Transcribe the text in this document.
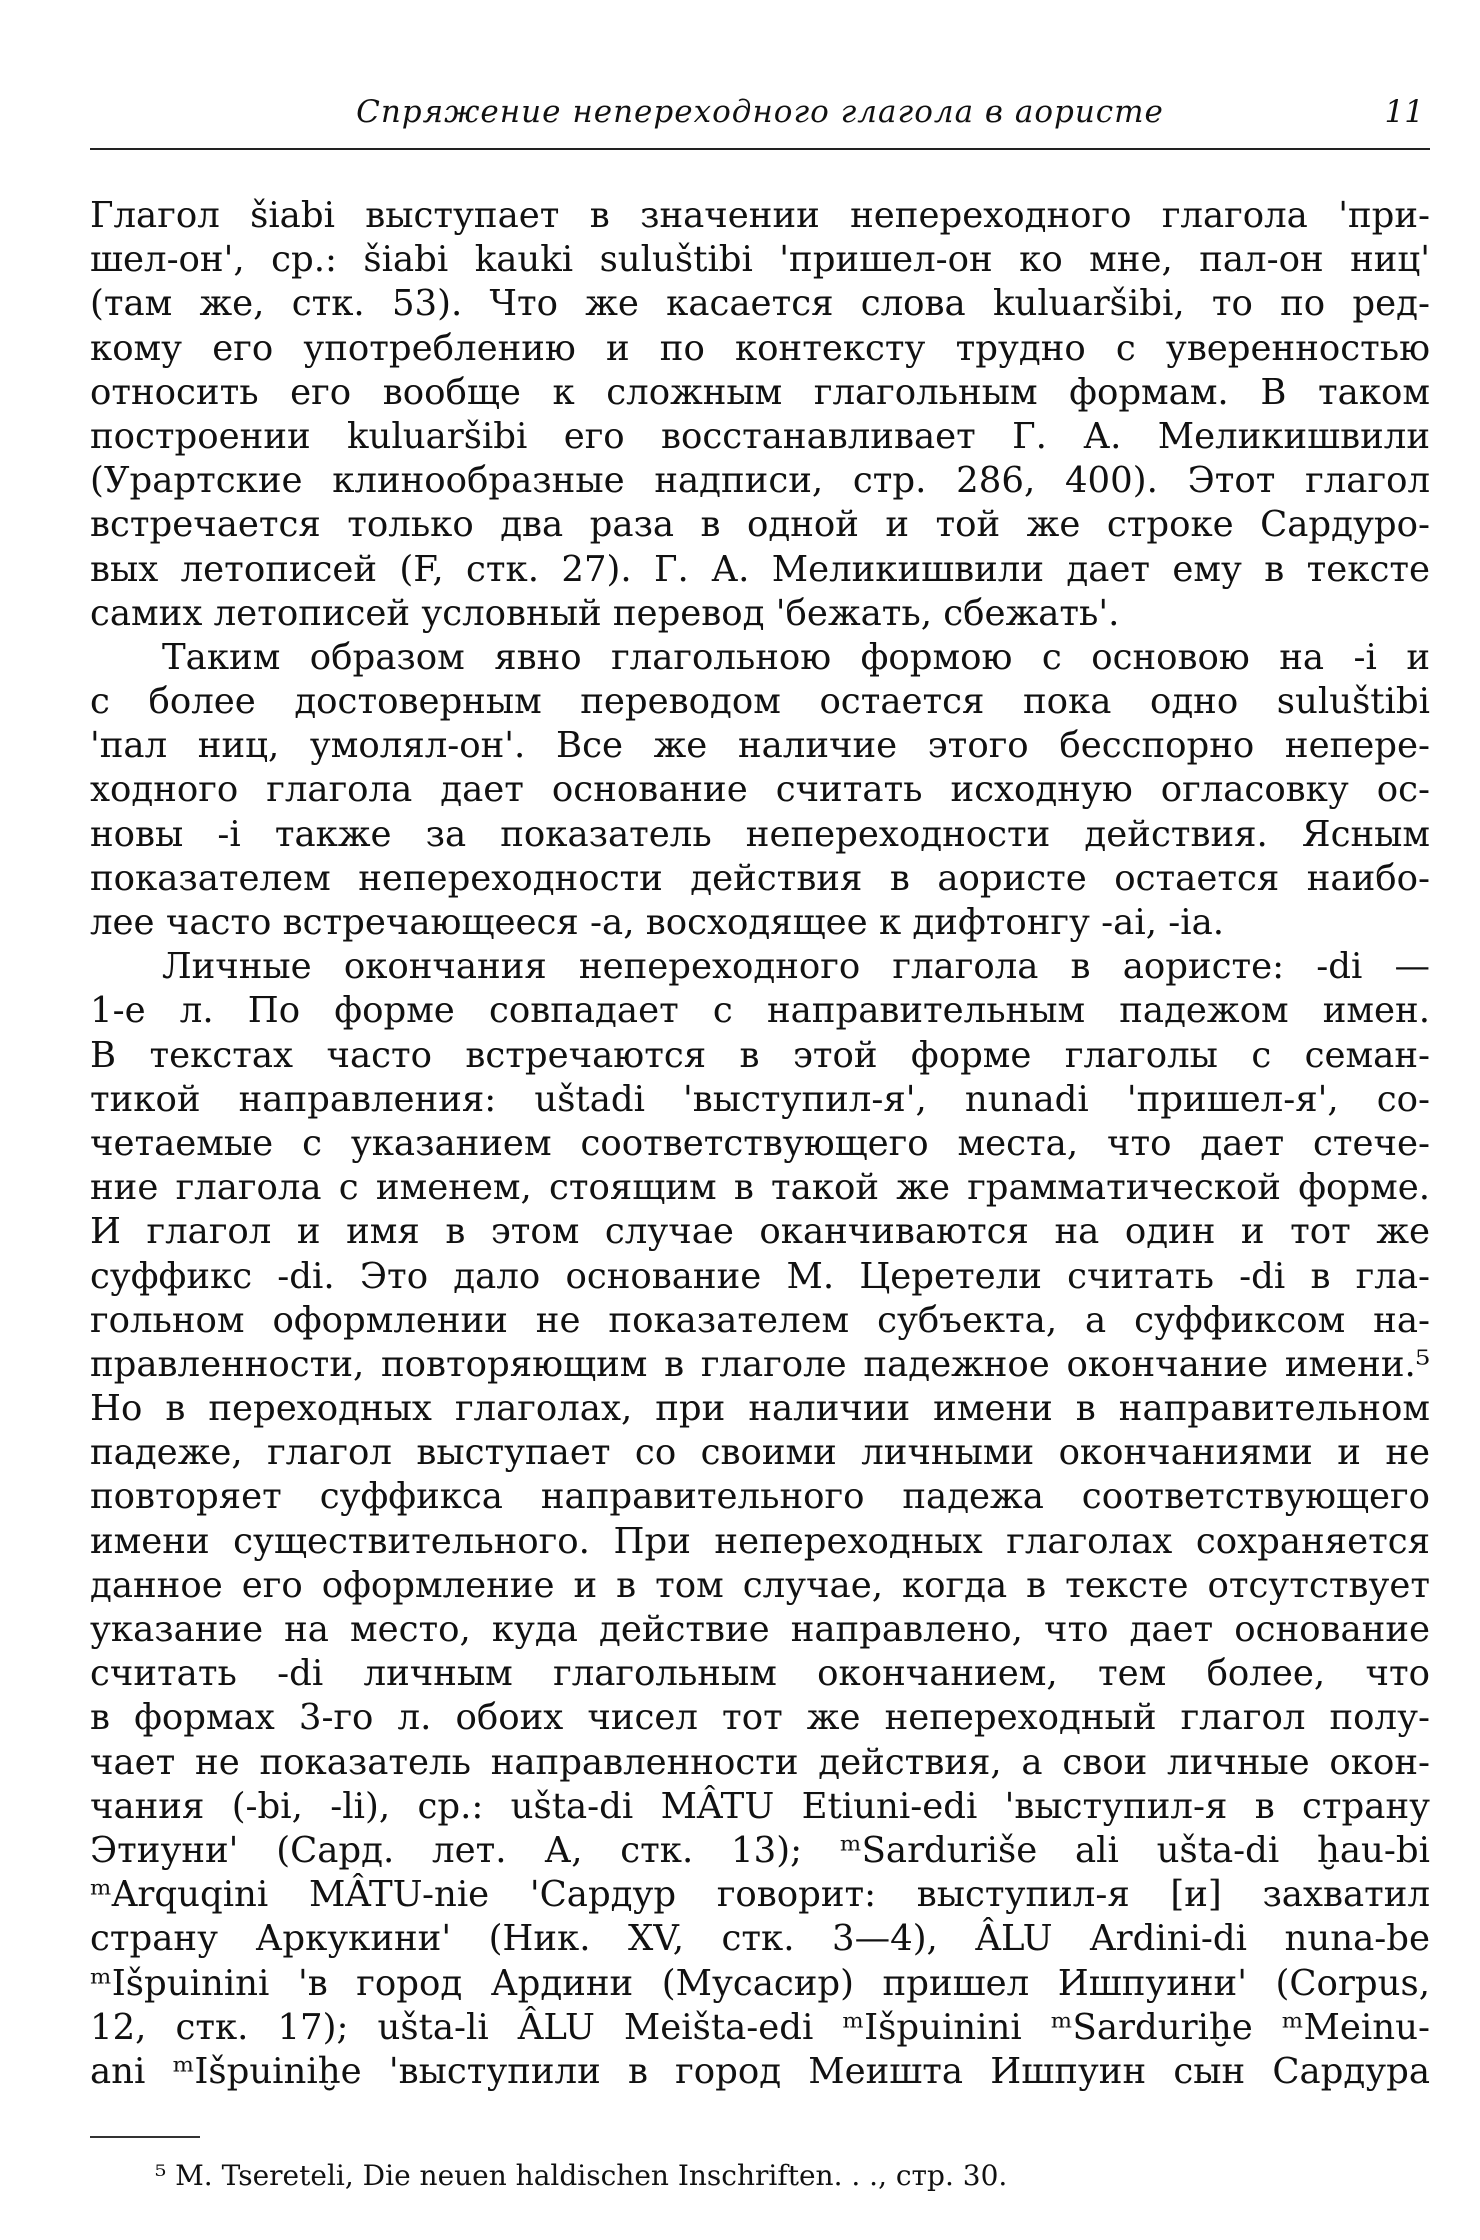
Спряжение непереходного глагола в аористе	11
Глагол šiabi выступает в значении непереходного глагола 'при-
шел-он', ср.: šiabi kauki suluštibi 'пришел-он ко мне, пал-он ниц'
(там же, стк. 53). Что же касается слова kuluaršibi, то по ред-
кому его употреблению и по контексту трудно с уверенностью
относить его вообще к сложным глагольным формам. В таком
построении kuluaršibi его восстанавливает Г. А. Меликишвили
(Урартские клинообразные надписи, стр. 286, 400). Этот глагол
встречается только два раза в одной и той же строке Сардуро-
вых летописей (F, стк. 27). Г. А. Меликишвили дает ему в тексте
самих летописей условный перевод 'бежать, сбежать'.
Таким образом явно глагольною формою с основою на -i и
с более достоверным переводом остается пока одно suluštibi
'пал ниц, умолял-он'. Все же наличие этого бесспорно непере-
ходного глагола дает основание считать исходную огласовку ос-
новы -i также за показатель непереходности действия. Ясным
показателем непереходности действия в аористе остается наибо-
лее часто встречающееся -a, восходящее к дифтонгу -ai, -ia.
Личные окончания непереходного глагола в аористе: -di —
1-е л. По форме совпадает с направительным падежом имен.
В текстах часто встречаются в этой форме глаголы с семан-
тикой направления: uštadi 'выступил-я', nunadi 'пришел-я', со-
четаемые с указанием соответствующего места, что дает стече-
ние глагола с именем, стоящим в такой же грамматической форме.
И глагол и имя в этом случае оканчиваются на один и тот же
суффикс -di. Это дало основание М. Церетели считать -di в гла-
гольном оформлении не показателем субъекта, а суффиксом на-
правленности, повторяющим в глаголе падежное окончание имени.⁵
Но в переходных глаголах, при наличии имени в направительном
падеже, глагол выступает со своими личными окончаниями и не
повторяет суффикса направительного падежа соответствующего
имени существительного. При непереходных глаголах сохраняется
данное его оформление и в том случае, когда в тексте отсутствует
указание на место, куда действие направлено, что дает основание
считать -di личным глагольным окончанием, тем более, что
в формах 3-го л. обоих чисел тот же непереходный глагол полу-
чает не показатель направленности действия, а свои личные окон-
чания (-bi, -li), ср.: ušta-di MÂTU Etiuni-edi 'выступил-я в страну
Этиуни' (Сард. лет. А, стк. 13); ᵐSarduriše ali ušta-di ḫau-bi
ᵐArquqini MÂTU-nie 'Сардур говорит: выступил-я [и] захватил
страну Аркукини' (Ник. XV, стк. 3—4), ÂLU Ardini-di nuna-be
ᵐIšpuinini 'в город Ардини (Мусасир) пришел Ишпуини' (Corpus,
12, стк. 17); ušta-li ÂLU Meišta-edi ᵐIšpuinini ᵐSarduriḫe ᵐMeinu-
ani ᵐIšpuiniḫe 'выступили в город Меишта Ишпуин сын Сардура
⁵ M. Tsereteli, Die neuen haldischen Inschriften. . ., стр. 30.
